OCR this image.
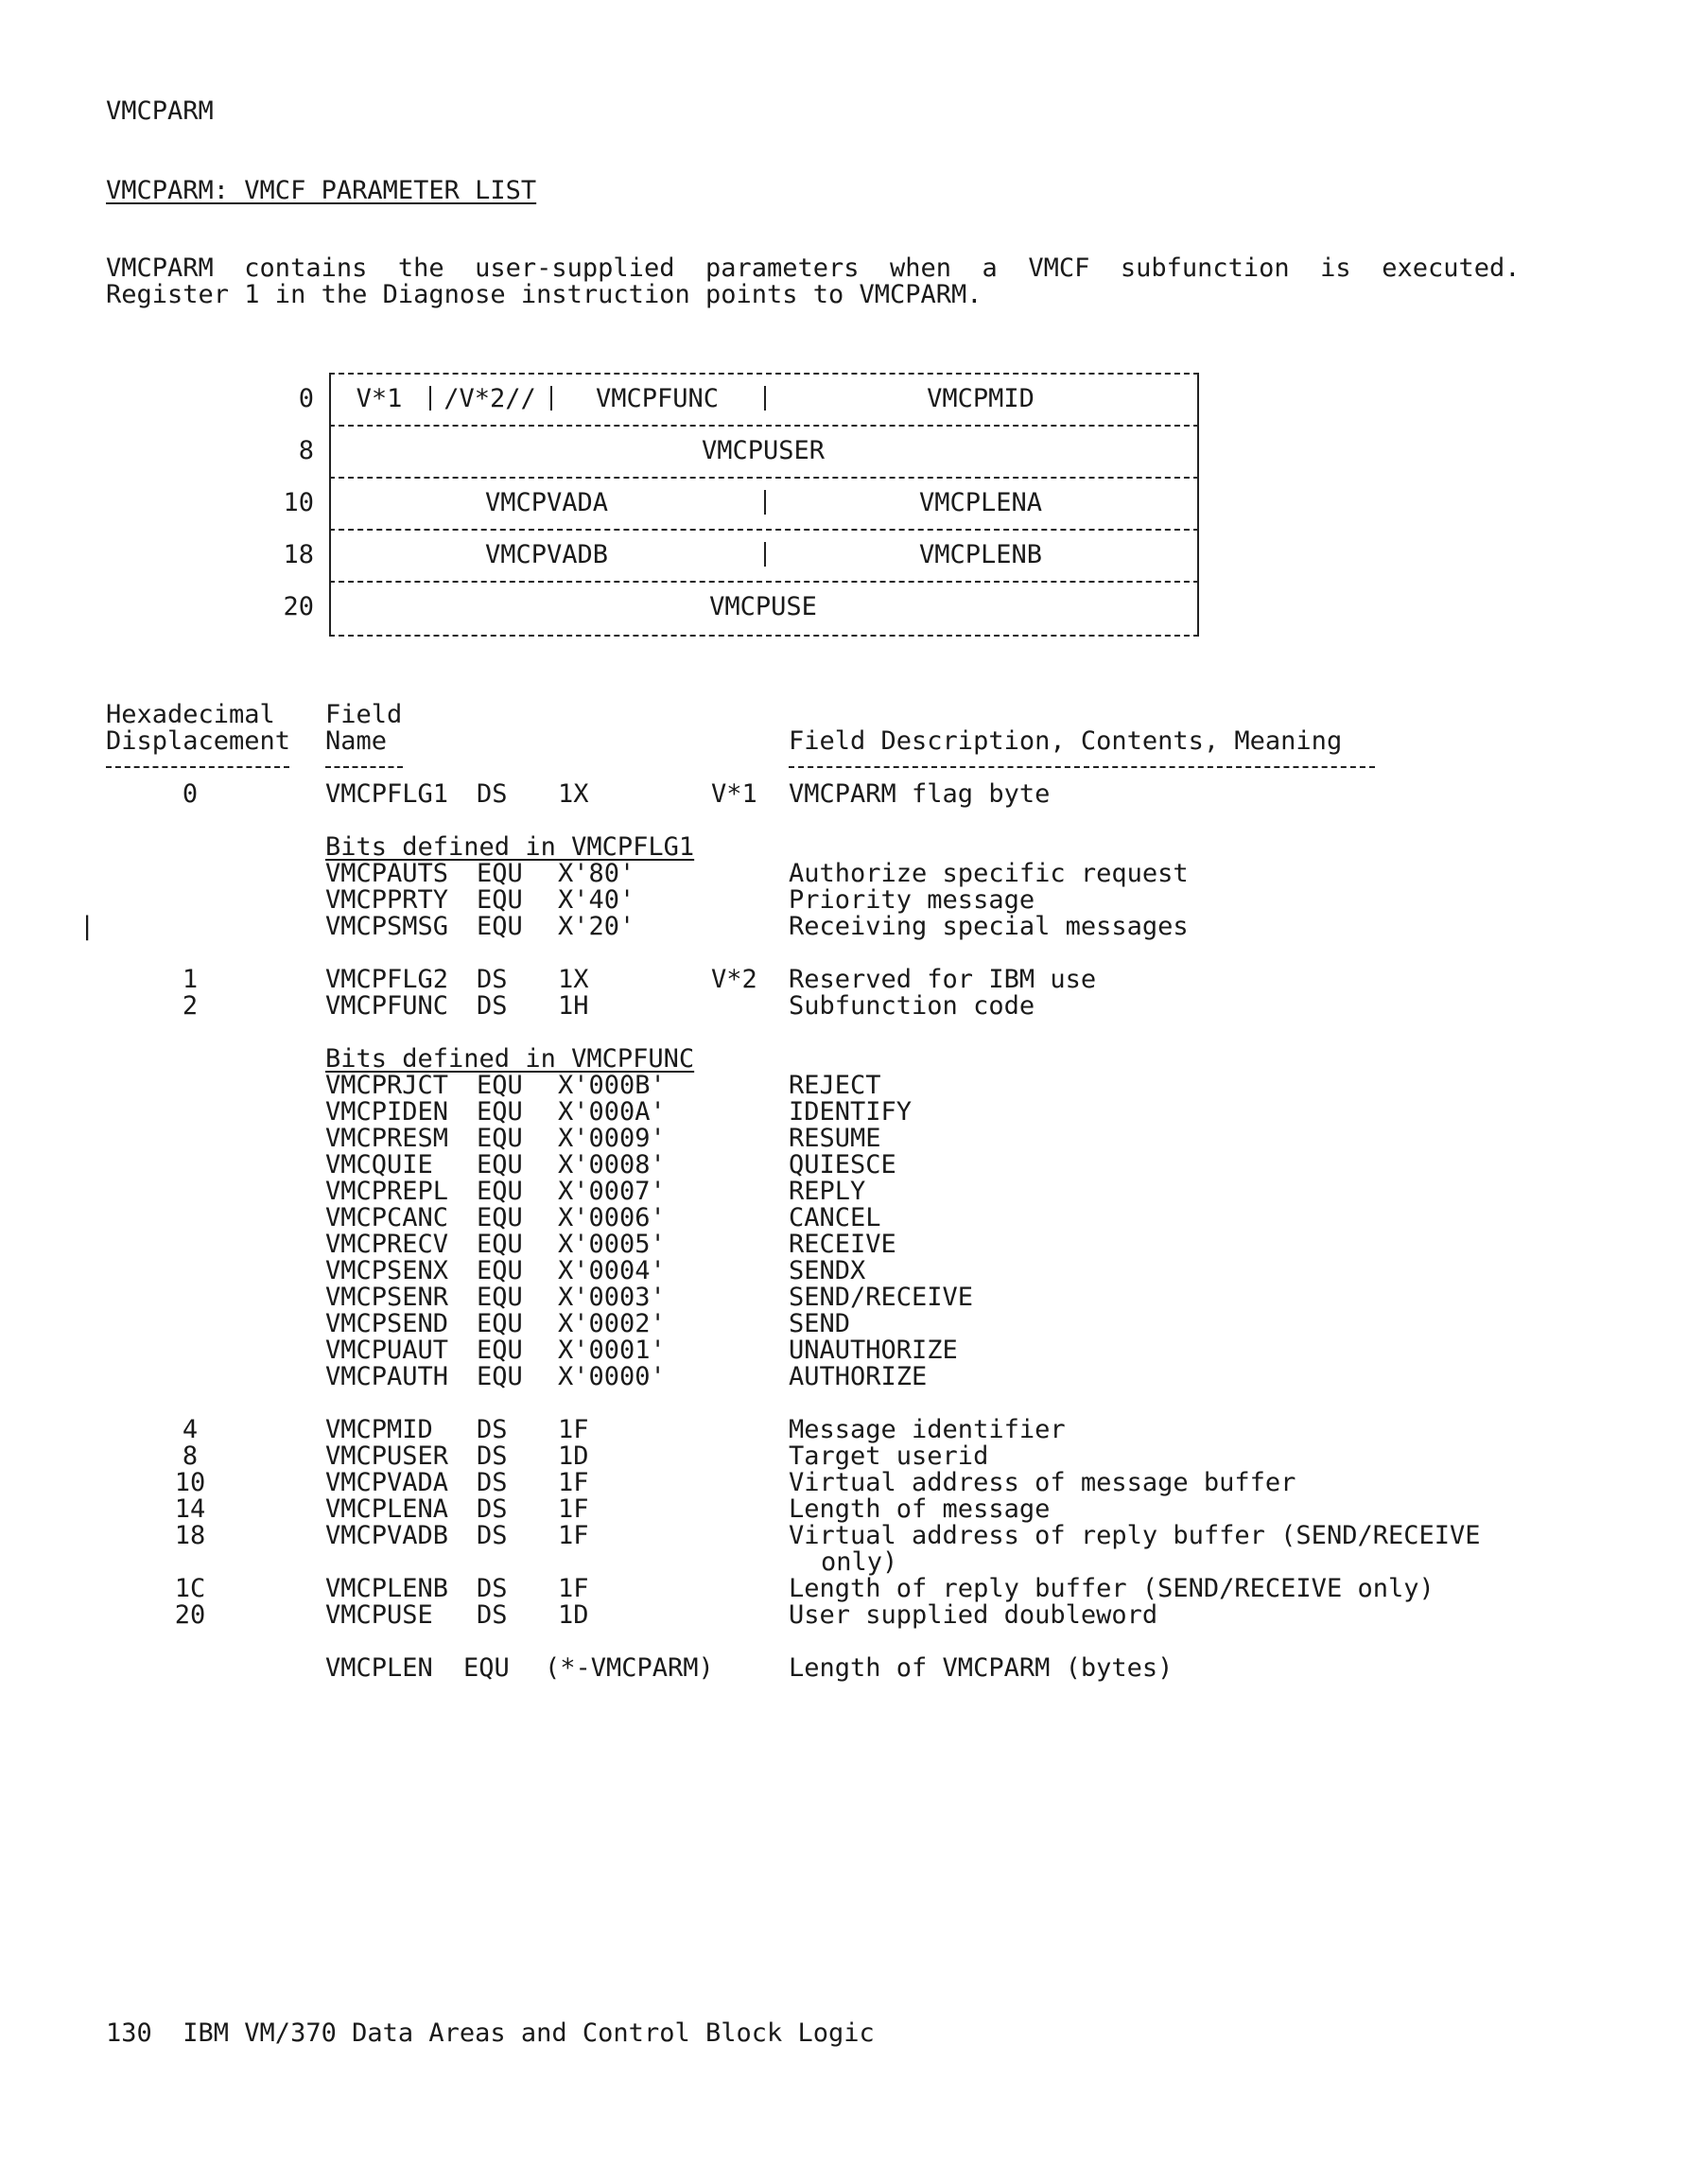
VMCPARM
VMCPARM: VMCF PARAMETER LIST
VMCPARM  contains  the  user-supplied  parameters  when  a  VMCF  subfunction  is  executed.
Register 1 in the Diagnose instruction points to VMCPARM.
0	V*1	/V*2//	VMCPFUNC	VMCPMID
8	VMCPUSER
10	VMCPVADA	VMCPLENA
18	VMCPVADB	VMCPLENB
20	VMCPUSE
Hexadecimal
Displacement
Field
Name	Field Description, Contents, Meaning
0	VMCPFLG1 DS 1X	V*1 VMCPARM flag byte
Bits defined in VMCPFLG1
VMCPAUTS EQU X'80'	Authorize specific request
VMCPPRTY EQU X'40'	Priority message
|	VMCPSMSG EQU X'20'	Receiving special messages
1	VMCPFLG2 DS 1X	V*2 Reserved for IBM use
2	VMCPFUNC DS 1H	Subfunction code
Bits defined in VMCPFUNC
VMCPRJCT EQU X'000B'	REJECT
VMCPIDEN EQU X'000A'	IDENTIFY
VMCPRESM EQU X'0009'	RESUME
VMCQUIE EQU X'0008'	QUIESCE
VMCPREPL EQU X'0007'	REPLY
VMCPCANC EQU X'0006'	CANCEL
VMCPRECV EQU X'0005'	RECEIVE
VMCPSENX EQU X'0004'	SENDX
VMCPSENR EQU X'0003'	SEND/RECEIVE
VMCPSEND EQU X'0002'	SEND
VMCPUAUT EQU X'0001'	UNAUTHORIZE
VMCPAUTH EQU X'0000'	AUTHORIZE
4	VMCPMID DS 1F	Message identifier
8	VMCPUSER DS 1D	Target userid
10	VMCPVADA DS 1F	Virtual address of message buffer
14	VMCPLENA DS 1F	Length of message
18	VMCPVADB DS 1F	Virtual address of reply buffer (SEND/RECEIVE
only)
1C	VMCPLENB DS 1F	Length of reply buffer (SEND/RECEIVE only)
20	VMCPUSE DS 1D	User supplied doubleword
VMCPLEN EQU (*-VMCPARM)	Length of VMCPARM (bytes)
130  IBM VM/370 Data Areas and Control Block Logic
